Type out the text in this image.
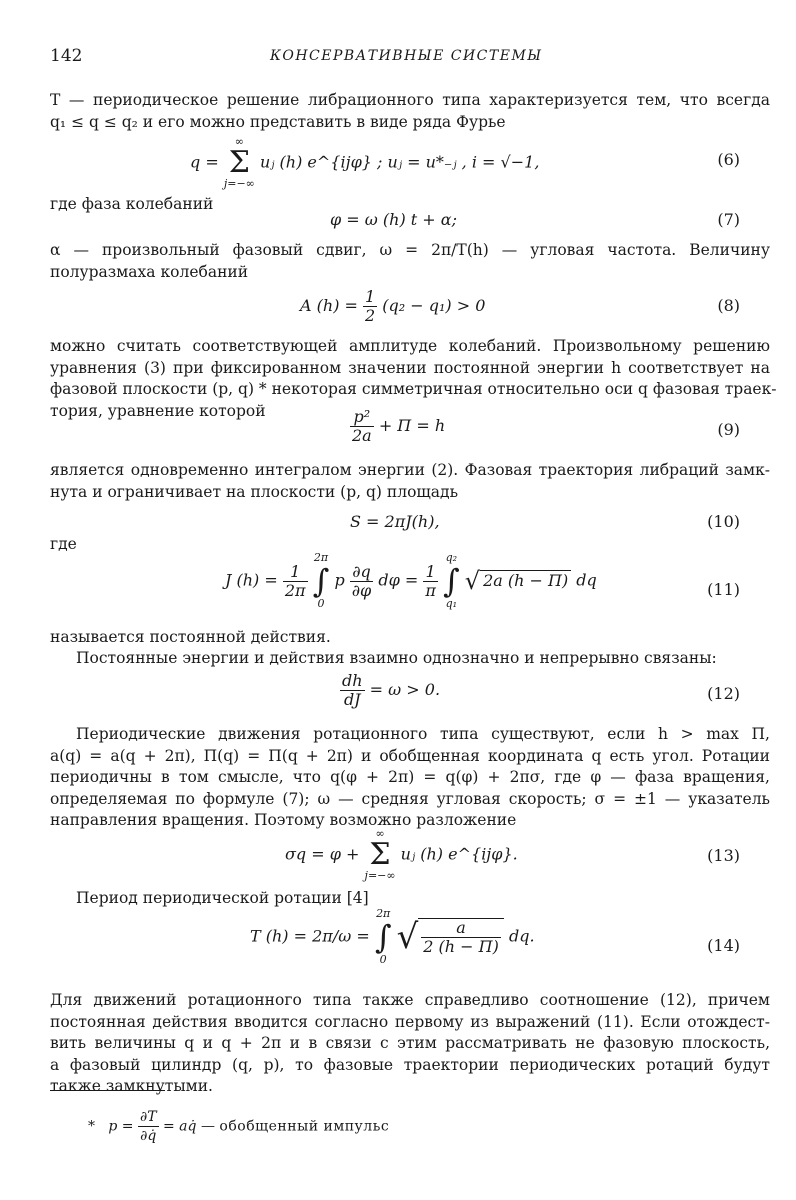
142	КОНСЕРВАТИВНЫЕ СИСТЕМЫ
T — периодическое решение либрационного типа характеризуется тем, что всегда
q₁ ≤ q ≤ q₂ и его можно представить в виде ряда Фурье
q =
∞
Σ
j=−∞
uⱼ (h) e^{ijφ} ; uⱼ = u*₋ⱼ , i = √−1,	(6)
где фаза колебаний
φ = ω (h) t + α;	(7)
α — произвольный фазовый сдвиг, ω = 2π/T(h) — угловая частота. Величину
полуразмаха колебаний
A $(h) = \frac{1}{2} (q_2 - q_1) > 0$	(8)
можно считать соответствующей амплитуде колебаний. Произвольному решению
уравнения (3) при фиксированном значении постоянной энергии h соответствует на
фазовой плоскости (p, q) * некоторая симметричная относительно оси q фазовая траек-
тория, уравнение которой	$\frac{\text{p²}}{2a} + \Pi = h$	(9)
является одновременно интегралом энергии (2). Фазовая траектория либраций замк-
нута и ограничивает на плоскости (p, q) площадь
S = 2πJ(h),	(10)
где
J $(h) = \frac{1}{2\pi}$

2π
∫
0
p $\frac{\partial q}{\partial\varphi}$ $d\varphi = \frac{1}{\pi}$

q₂
∫
q₁
√ 2a (h − Π) dq	(11)
называется постоянной действия.
Постоянные энергии и действия взаимно однозначно и непрерывно связаны:
$\frac{dh}{dJ} = \omega > 0$.	(12)
Периодические движения ротационного типа существуют, если h > max Π,
a(q) = a(q + 2π), Π(q) = Π(q + 2π) и обобщенная координата q есть угол. Ротации
периодичны в том смысле, что q(φ + 2π) = q(φ) + 2πσ, где φ — фаза вращения,
определяемая по формуле (7); ω — средняя угловая скорость; σ = ±1 — указатель
направления вращения. Поэтому возможно разложение
σq = φ +
∞
Σ
j=−∞
uⱼ (h) e^{ijφ}.	(13)
Период периодической ротации [4]
T (h) = 2π/ω =
2π
∫
0
√ $\frac{a}{2 (h - \Pi)}$ dq.	(14)
Для движений ротационного типа также справедливо соотношение (12), причем
постоянная действия вводится согласно первому из выражений (11). Если отождест-
вить величины q и q + 2π и в связи с этим рассматривать не фазовую плоскость,
а фазовый цилиндр (q, p), то фазовые траектории периодических ротаций будут
также замкнутыми.
* $p = \frac{\partial T}{\partial q̇}$ = aq̇ — обобщенный импульс
